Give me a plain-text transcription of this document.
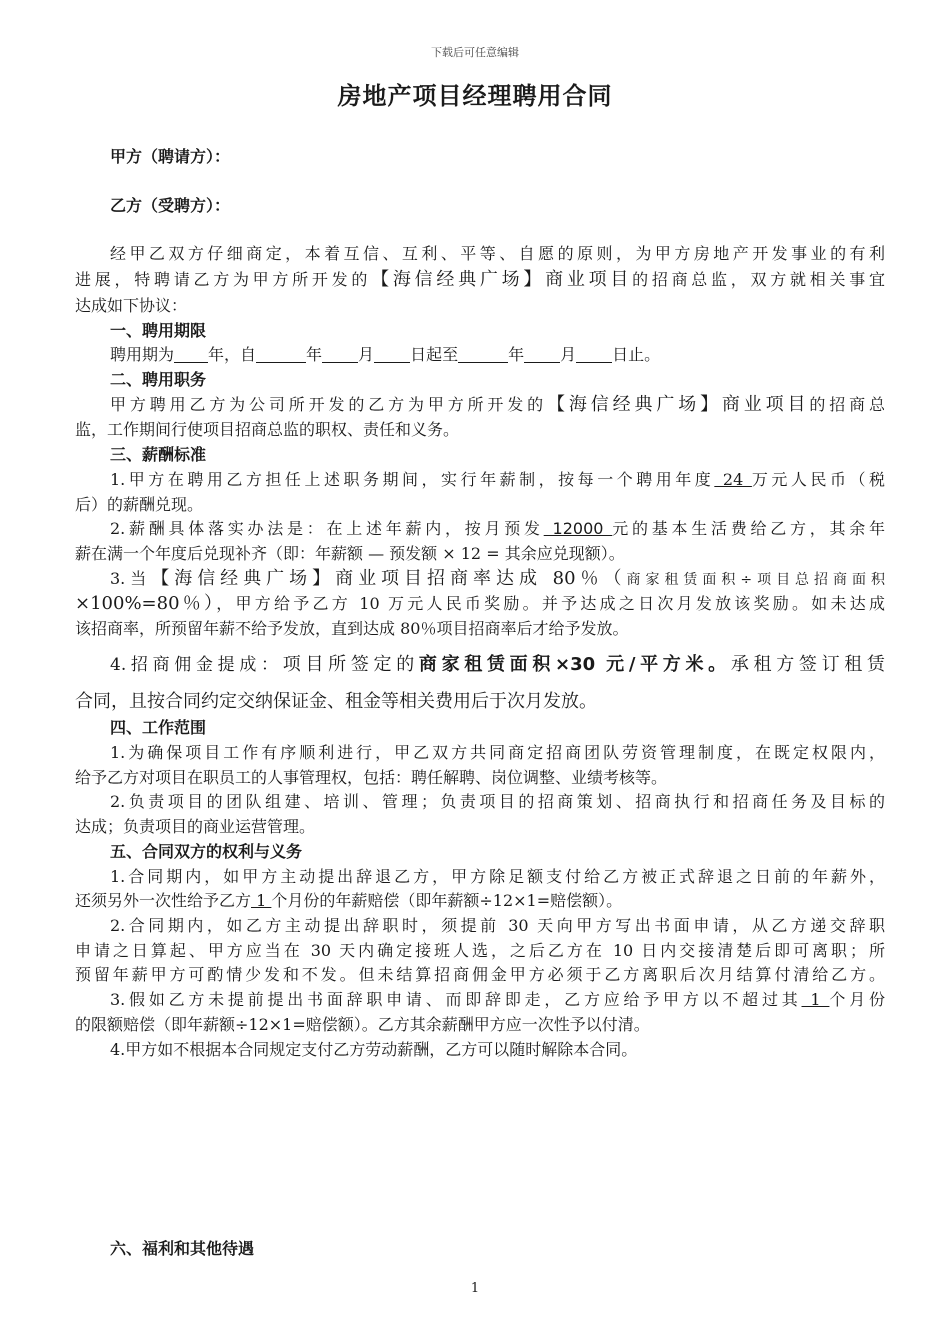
下载后可任意编辑
房地产项目经理聘用合同
甲方（聘请方）：
乙方（受聘方）：
经甲乙双方仔细商定，本着互信、互利、平等、自愿的原则，为甲方房地产开发事业的有利
进展，特聘请乙方为甲方所开发的【海信经典广场】商业项目的招商总监，双方就相关事宜
达成如下协议：
一、聘用期限
聘用期为 年，自	年 月 日起至	年 月 日止。
二、聘用职务
甲方聘用乙方为公司所开发的乙方为甲方所开发的【海信经典广场】商业项目的招商总
监，工作期间行使项目招商总监的职权、责任和义务。
三、薪酬标准
1.甲方在聘用乙方担任上述职务期间，实行年薪制，按每一个聘用年度 24 万元人民币（税
后）的薪酬兑现。
2.薪酬具体落实办法是：在上述年薪内，按月预发 12000 元的基本生活费给乙方，其余年
薪在满一个年度后兑现补齐（即：年薪额 — 预发额 × 12 = 其余应兑现额）。
3.当【海信经典广场】商业项目招商率达成 80％（商家租赁面积÷项目总招商面积
×100%=80％），甲方给予乙方 10 万元人民币奖励。并予达成之日次月发放该奖励。如未达成
该招商率，所预留年薪不给予发放，直到达成 80％项目招商率后才给予发放。
4.招商佣金提成：项目所签定的商家租赁面积×30 元/平方米。承租方签订租赁
合同，且按合同约定交纳保证金、租金等相关费用后于次月发放。
四、工作范围
1.为确保项目工作有序顺利进行，甲乙双方共同商定招商团队劳资管理制度，在既定权限内，
给予乙方对项目在职员工的人事管理权，包括：聘任解聘、岗位调整、业绩考核等。
2.负责项目的团队组建、培训、管理；负责项目的招商策划、招商执行和招商任务及目标的
达成；负责项目的商业运营管理。
五、合同双方的权利与义务
1.合同期内，如甲方主动提出辞退乙方，甲方除足额支付给乙方被正式辞退之日前的年薪外，
还须另外一次性给予乙方 1 个月份的年薪赔偿（即年薪额÷12×1=赔偿额）。
2.合同期内，如乙方主动提出辞职时，须提前 30 天向甲方写出书面申请，从乙方递交辞职
申请之日算起、甲方应当在 30 天内确定接班人选，之后乙方在 10 日内交接清楚后即可离职；所
预留年薪甲方可酌情少发和不发。但未结算招商佣金甲方必须于乙方离职后次月结算付清给乙方。
3.假如乙方未提前提出书面辞职申请、而即辞即走，乙方应给予甲方以不超过其 1 个月份
的限额赔偿（即年薪额÷12×1=赔偿额）。乙方其余薪酬甲方应一次性予以付清。
4.甲方如不根据本合同规定支付乙方劳动薪酬，乙方可以随时解除本合同。
六、福利和其他待遇
1
